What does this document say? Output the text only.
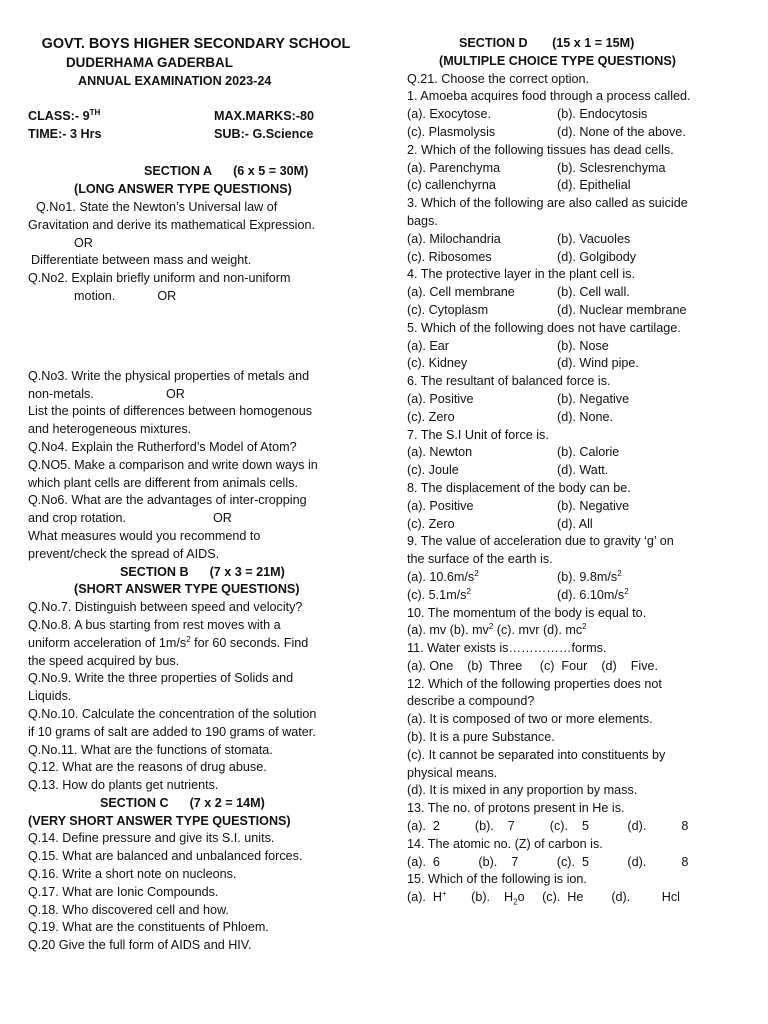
GOVT. BOYS HIGHER SECONDARY SCHOOL
DUDERHAMA GADERBAL
ANNUAL EXAMINATION 2023-24
CLASS:- 9TH	MAX.MARKS:-80
TIME:- 3 Hrs	SUB:- G.Science
SECTION A (6 x 5 = 30M)
(LONG ANSWER TYPE QUESTIONS)
Q.No1. State the Newton’s Universal law of
Gravitation and derive its mathematical Expression.
OR
Differentiate between mass and weight.
Q.No2. Explain briefly uniform and non-uniform
motion.	OR
Q.No3. Write the physical properties of metals and
non-metals.	OR
List the points of differences between homogenous
and heterogeneous mixtures.
Q.No4. Explain the Rutherford’s Model of Atom?
Q.NO5. Make a comparison and write down ways in
which plant cells are different from animals cells.
Q.No6. What are the advantages of inter-cropping
and crop rotation.	OR
What measures would you recommend to
prevent/check the spread of AIDS.
SECTION B (7 x 3 = 21M)
(SHORT ANSWER TYPE QUESTIONS)
Q.No.7. Distinguish between speed and velocity?
Q.No.8. A bus starting from rest moves with a
uniform acceleration of $1m/s^2$ for 60 seconds. Find
the speed acquired by bus.
Q.No.9. Write the three properties of Solids and
Liquids.
Q.No.10. Calculate the concentration of the solution
if 10 grams of salt are added to 190 grams of water.
Q.No.11. What are the functions of stomata.
Q.12. What are the reasons of drug abuse.
Q.13. How do plants get nutrients.
SECTION C (7 x 2 = 14M)
(VERY SHORT ANSWER TYPE QUESTIONS)
Q.14. Define pressure and give its S.I. units.
Q.15. What are balanced and unbalanced forces.
Q.16. Write a short note on nucleons.
Q.17. What are Ionic Compounds.
Q.18. Who discovered cell and how.
Q.19. What are the constituents of Phloem.
Q.20 Give the full form of AIDS and HIV.
SECTION D (15 x 1 = 15M)
(MULTIPLE CHOICE TYPE QUESTIONS)
Q.21. Choose the correct option.
1. Amoeba acquires food through a process called.
(a). Exocytose.	(b). Endocytosis
(c). Plasmolysis	(d). None of the above.
2. Which of the following tissues has dead cells.
(a). Parenchyma	(b). Sclesrenchyma
(c) callenchyrna	(d). Epithelial
3. Which of the following are also called as suicide
bags.
(a). Milochandria	(b). Vacuoles
(c). Ribosomes	(d). Golgibody
4. The protective layer in the plant cell is.
(a). Cell membrane	(b). Cell wall.
(c). Cytoplasm	(d). Nuclear membrane
5. Which of the following does not have cartilage.
(a). Ear	(b). Nose
(c). Kidney	(d). Wind pipe.
6. The resultant of balanced force is.
(a). Positive	(b). Negative
(c). Zero	(d). None.
7. The S.I Unit of force is.
(a). Newton	(b). Calorie
(c). Joule	(d). Watt.
8. The displacement of the body can be.
(a). Positive	(b). Negative
(c). Zero	(d). All
9. The value of acceleration due to gravity ‘g’ on
the surface of the earth is.
(a). $10.6m/s^2$	(b). $9.8m/s^2$
(c). $5.1m/s^2$	(d). $6.10m/s^2$
10. The momentum of the body is equal to.
(a). mv (b). $mv^2$ (c). mvr (d). $mc^2$
11. Water exists is……………forms.
(a). One    (b)  Three     (c)  Four    (d)    Five.
12. Which of the following properties does not
describe a compound?
(a). It is composed of two or more elements.
(b). It is a pure Substance.
(c). It cannot be separated into constituents by
physical means.
(d). It is mixed in any proportion by mass.
13. The no. of protons present in He is.
(a).  2          (b).    7          (c).    5           (d).          8
14. The atomic no. (Z) of carbon is.
(a).  6           (b).    7           (c).  5           (d).          8
15. Which of the following is ion.
(a).  H+       (b).    $H_2o$     (c).  He        (d).         Hcl
